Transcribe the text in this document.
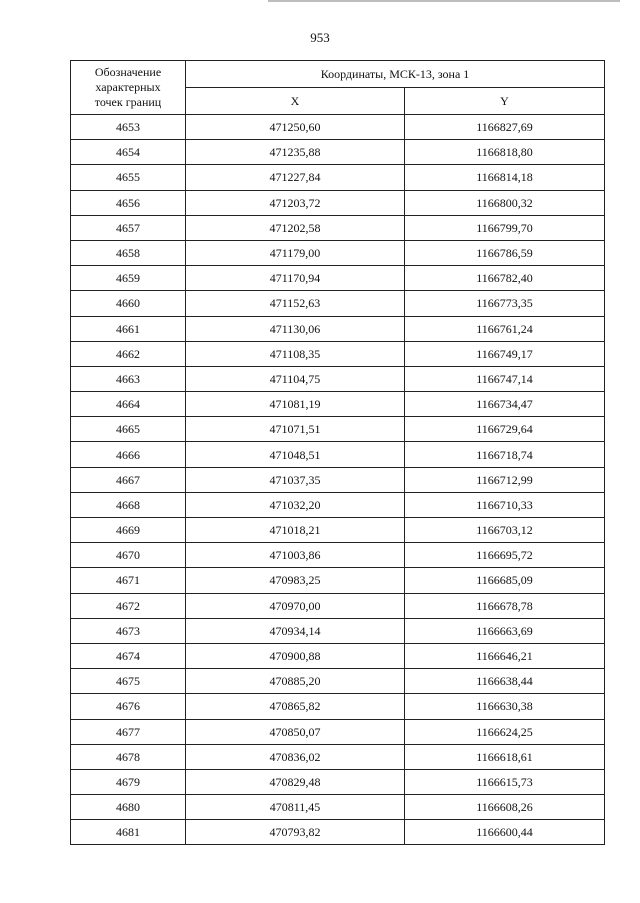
953
Обозначение
характерных
точек границ	Координаты, МСК-13, зона 1	
	X	Y
4653	471250,60	1166827,69
4654	471235,88	1166818,80
4655	471227,84	1166814,18
4656	471203,72	1166800,32
4657	471202,58	1166799,70
4658	471179,00	1166786,59
4659	471170,94	1166782,40
4660	471152,63	1166773,35
4661	471130,06	1166761,24
4662	471108,35	1166749,17
4663	471104,75	1166747,14
4664	471081,19	1166734,47
4665	471071,51	1166729,64
4666	471048,51	1166718,74
4667	471037,35	1166712,99
4668	471032,20	1166710,33
4669	471018,21	1166703,12
4670	471003,86	1166695,72
4671	470983,25	1166685,09
4672	470970,00	1166678,78
4673	470934,14	1166663,69
4674	470900,88	1166646,21
4675	470885,20	1166638,44
4676	470865,82	1166630,38
4677	470850,07	1166624,25
4678	470836,02	1166618,61
4679	470829,48	1166615,73
4680	470811,45	1166608,26
4681	470793,82	1166600,44
